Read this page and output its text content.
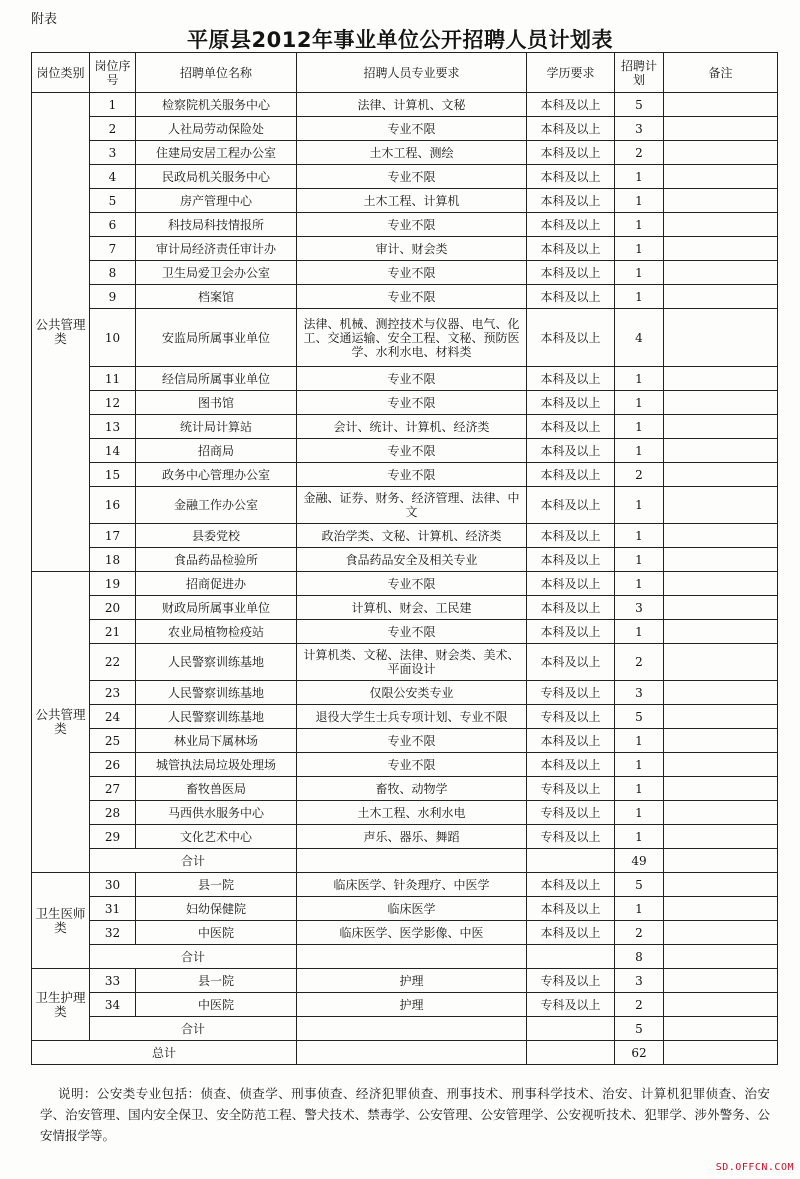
附表
平原县2012年事业单位公开招聘人员计划表
岗位类别	岗位序号	招聘单位名称	招聘人员专业要求	学历要求	招聘计划	备注
公共管理类	1	检察院机关服务中心	法律、计算机、文秘	本科及以上	5	
	2	人社局劳动保险处	专业不限	本科及以上	3	
	3	住建局安居工程办公室	土木工程、测绘	本科及以上	2	
	4	民政局机关服务中心	专业不限	本科及以上	1	
	5	房产管理中心	土木工程、计算机	本科及以上	1	
	6	科技局科技情报所	专业不限	本科及以上	1	
	7	审计局经济责任审计办	审计、财会类	本科及以上	1	
	8	卫生局爱卫会办公室	专业不限	本科及以上	1	
	9	档案馆	专业不限	本科及以上	1	
	10	安监局所属事业单位	法律、机械、测控技术与仪器、电气、化工、交通运输、安全工程、文秘、预防医学、水利水电、材料类	本科及以上	4	
	11	经信局所属事业单位	专业不限	本科及以上	1	
	12	图书馆	专业不限	本科及以上	1	
	13	统计局计算站	会计、统计、计算机、经济类	本科及以上	1	
	14	招商局	专业不限	本科及以上	1	
	15	政务中心管理办公室	专业不限	本科及以上	2	
	16	金融工作办公室	金融、证券、财务、经济管理、法律、中文	本科及以上	1	
	17	县委党校	政治学类、文秘、计算机、经济类	本科及以上	1	
	18	食品药品检验所	食品药品安全及相关专业	本科及以上	1	
公共管理类	19	招商促进办	专业不限	本科及以上	1	
	20	财政局所属事业单位	计算机、财会、工民建	本科及以上	3	
	21	农业局植物检疫站	专业不限	本科及以上	1	
	22	人民警察训练基地	计算机类、文秘、法律、财会类、美术、平面设计	本科及以上	2	
	23	人民警察训练基地	仅限公安类专业	专科及以上	3	
	24	人民警察训练基地	退役大学生士兵专项计划、专业不限	专科及以上	5	
	25	林业局下属林场	专业不限	本科及以上	1	
	26	城管执法局垃圾处理场	专业不限	本科及以上	1	
	27	畜牧兽医局	畜牧、动物学	专科及以上	1	
	28	马西供水服务中心	土木工程、水利水电	专科及以上	1	
	29	文化艺术中心	声乐、器乐、舞蹈	专科及以上	1	
	合计				49	
卫生医师类	30	县一院	临床医学、针灸理疗、中医学	本科及以上	5	
	31	妇幼保健院	临床医学	本科及以上	1	
	32	中医院	临床医学、医学影像、中医	本科及以上	2	
	合计				8	
卫生护理类	33	县一院	护理	专科及以上	3	
	34	中医院	护理	专科及以上	2	
	合计				5	
总计					62	
说明：公安类专业包括：侦查、侦查学、刑事侦查、经济犯罪侦查、刑事技术、刑事科学技术、治安、计算机犯罪侦查、治安学、治安管理、国内安全保卫、安全防范工程、警犬技术、禁毒学、公安管理、公安管理学、公安视听技术、犯罪学、涉外警务、公安情报学等。
SD.OFFCN.COM
